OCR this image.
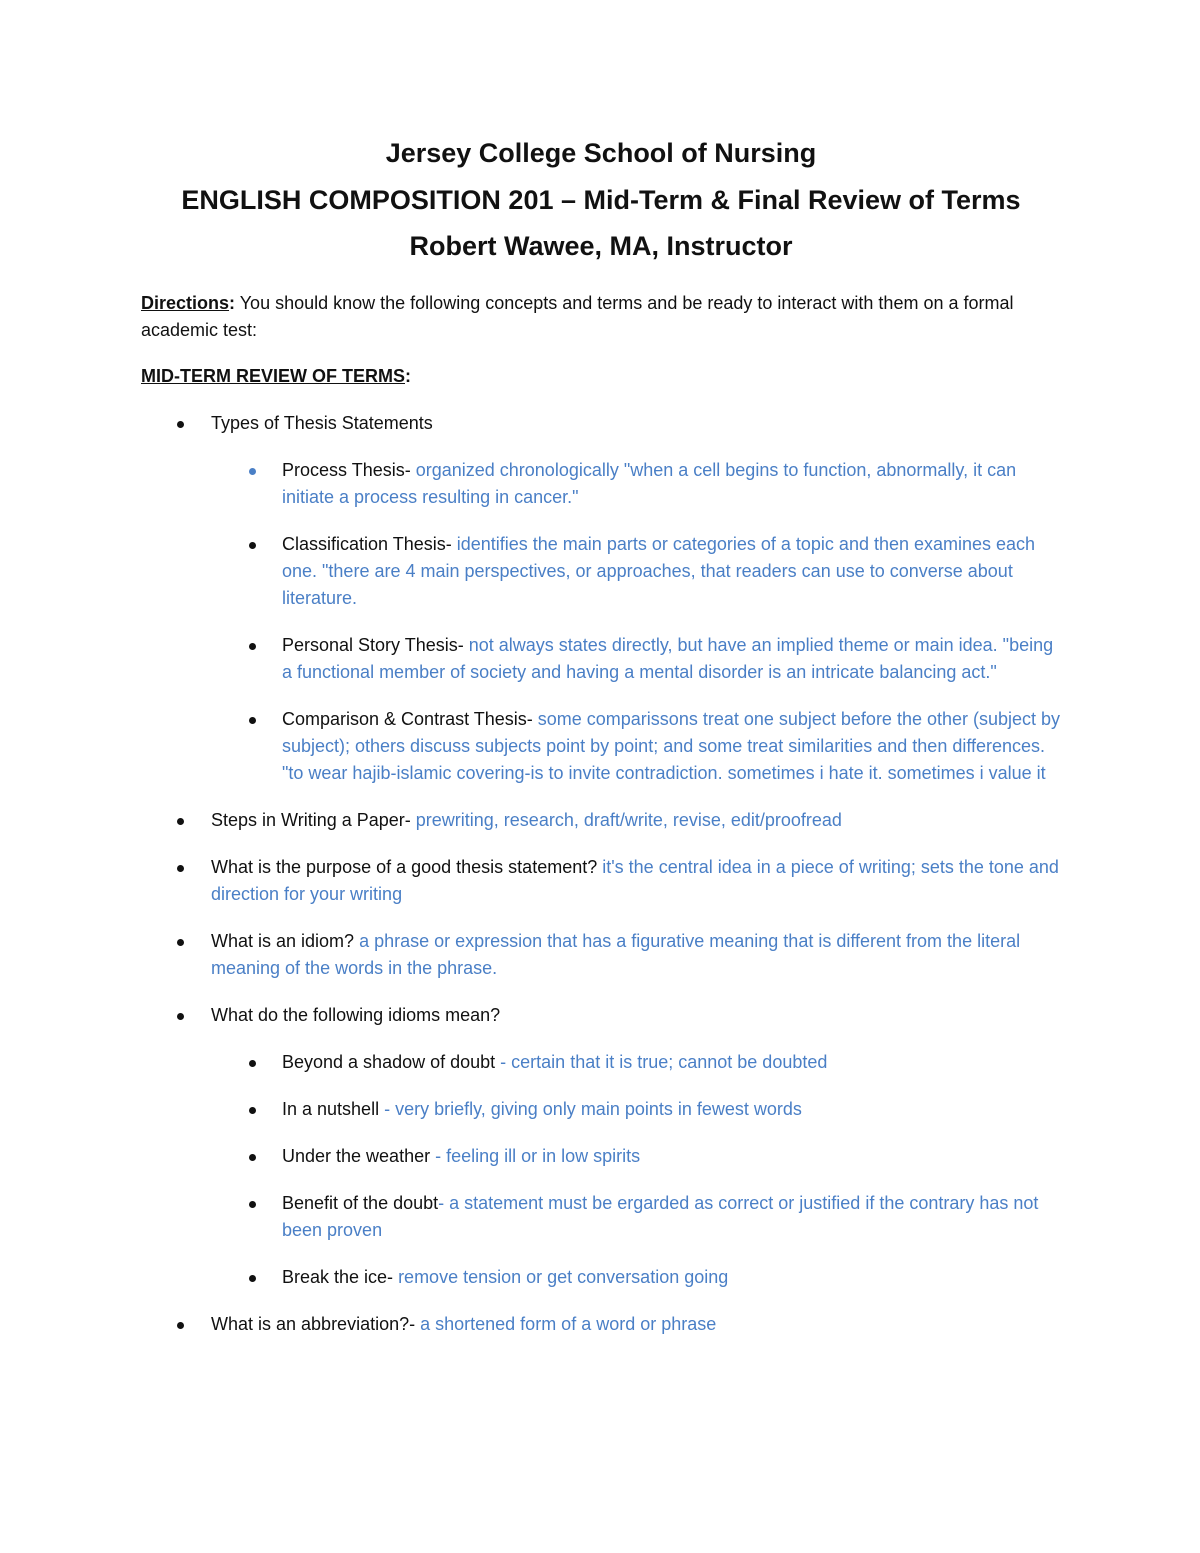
Jersey College School of Nursing

ENGLISH COMPOSITION 201 – Mid-Term & Final Review of Terms

Robert Wawee, MA, Instructor

Directions: You should know the following concepts and terms and be ready to interact with them on a formal academic test:

MID-TERM REVIEW OF TERMS:

Types of Thesis Statements
Process Thesis- organized chronologically "when a cell begins to function, abnormally, it can initiate a process resulting in cancer."
Classification Thesis- identifies the main parts or categories of a topic and then examines each one. "there are 4 main perspectives, or approaches, that readers can use to converse about literature.
Personal Story Thesis- not always states directly, but have an implied theme or main idea. "being a functional member of society and having a mental disorder is an intricate balancing act."
Comparison & Contrast Thesis- some comparissons treat one subject before the other (subject by subject); others discuss subjects point by point; and some treat similarities and then differences. "to wear hajib-islamic covering-is to invite contradiction. sometimes i hate it. sometimes i value it
Steps in Writing a Paper- prewriting, research, draft/write, revise, edit/proofread
What is the purpose of a good thesis statement? it's the central idea in a piece of writing; sets the tone and direction for your writing
What is an idiom? a phrase or expression that has a figurative meaning that is different from the literal meaning of the words in the phrase.
What do the following idioms mean?
Beyond a shadow of doubt - certain that it is true; cannot be doubted
In a nutshell - very briefly, giving only main points in fewest words
Under the weather - feeling ill or in low spirits
Benefit of the doubt- a statement must be ergarded as correct or justified if the contrary has not been proven
Break the ice- remove tension or get conversation going
What is an abbreviation?- a shortened form of a word or phrase
